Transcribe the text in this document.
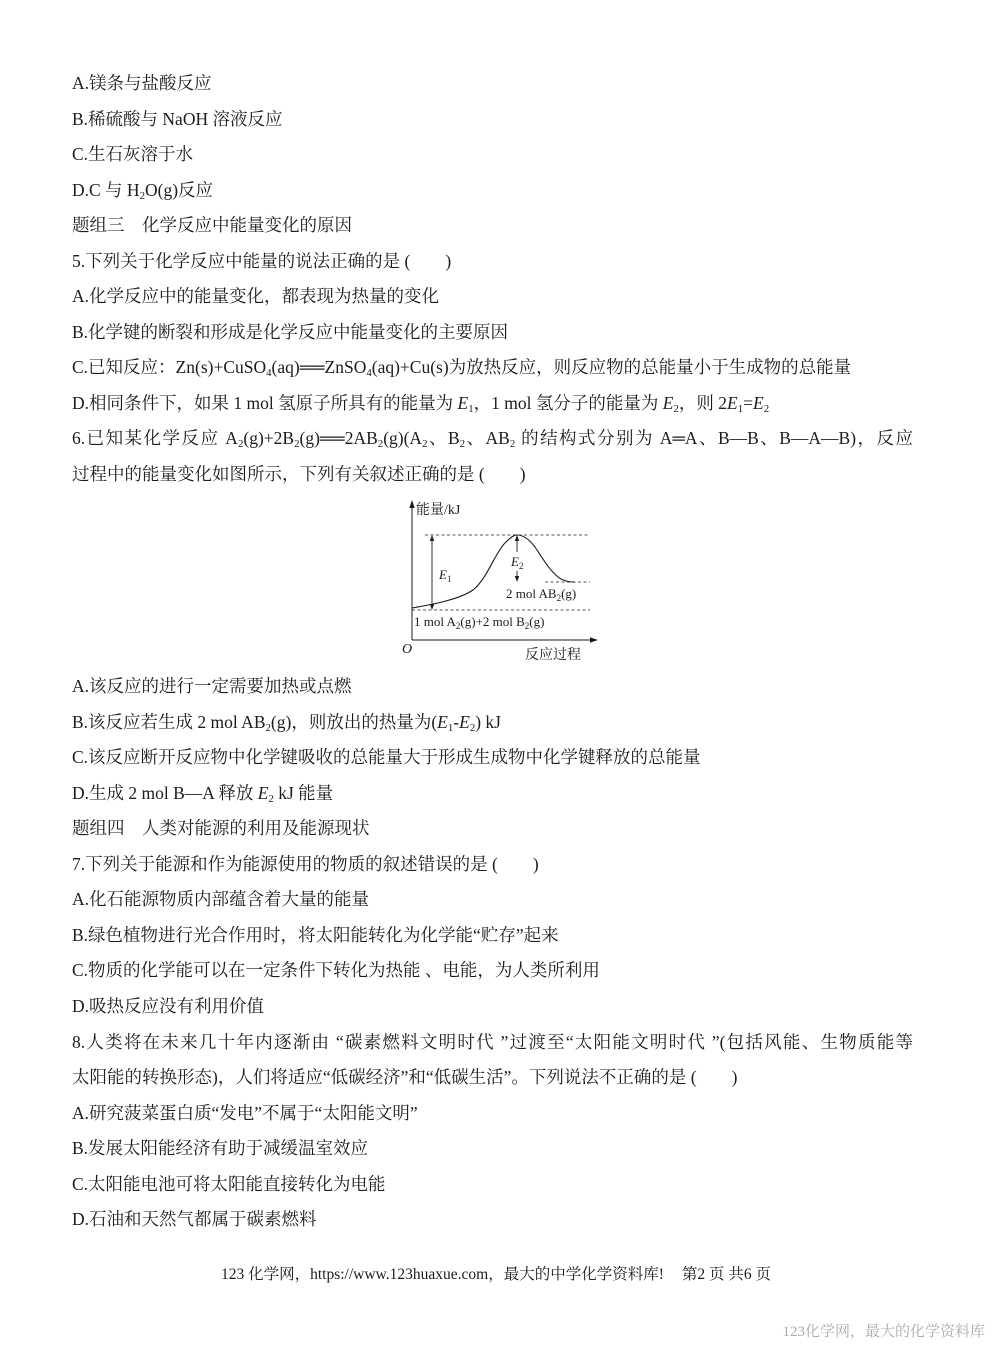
A.镁条与盐酸反应
B.稀硫酸与 NaOH 溶液反应
C.生石灰溶于水
D.C 与 $H_2O(g)$反应
题组三　化学反应中能量变化的原因
5.下列关于化学反应中能量的说法正确的是 (　　)
A.化学反应中的能量变化，都表现为热量的变化
B.化学键的断裂和形成是化学反应中能量变化的主要原因
C.已知反应：Zn(s)+CuSO$_4$(aq)══ZnSO$_4$(aq)+Cu(s)为放热反应，则反应物的总能量小于生成物的总能量
D.相同条件下，如果 1 mol 氢原子所具有的能量为 $E_1$，1 mol 氢分子的能量为 $E_2$，则 $2E_1=E_2$
6.已知某化学反应 $A_2(g)+2B_2(g)══2AB_2(g)(A_2$、$B_2$、$AB_2$ 的结构式分别为 A═A、B—B、B—A—B)，反应
过程中的能量变化如图所示，下列有关叙述正确的是 (　　)
能量/kJ
E1
E2
2 mol AB2(g)
1 mol A2(g)+2 mol B2(g)
O	反应过程
A.该反应的进行一定需要加热或点燃
B.该反应若生成 2 mol $AB_2(g)$，则放出的热量为$(E_1-E_2)$ kJ
C.该反应断开反应物中化学键吸收的总能量大于形成生成物中化学键释放的总能量
D.生成 2 mol B—A 释放 $E_2$ kJ 能量
题组四　人类对能源的利用及能源现状
7.下列关于能源和作为能源使用的物质的叙述错误的是 (　　)
A.化石能源物质内部蕴含着大量的能量
B.绿色植物进行光合作用时，将太阳能转化为化学能“贮存”起来
C.物质的化学能可以在一定条件下转化为热能 、电能，为人类所利用
D.吸热反应没有利用价值
8.人类将在未来几十年内逐渐由 “碳素燃料文明时代 ”过渡至“太阳能文明时代 ”(包括风能、生物质能等
太阳能的转换形态)，人们将适应“低碳经济”和“低碳生活”。下列说法不正确的是 (　　)
A.研究菠菜蛋白质“发电”不属于“太阳能文明”
B.发展太阳能经济有助于减缓温室效应
C.太阳能电池可将太阳能直接转化为电能
D.石油和天然气都属于碳素燃料
123 化学网，https://www.123huaxue.com，最大的中学化学资料库! 第2 页 共6 页
123化学网，最大的化学资料库
